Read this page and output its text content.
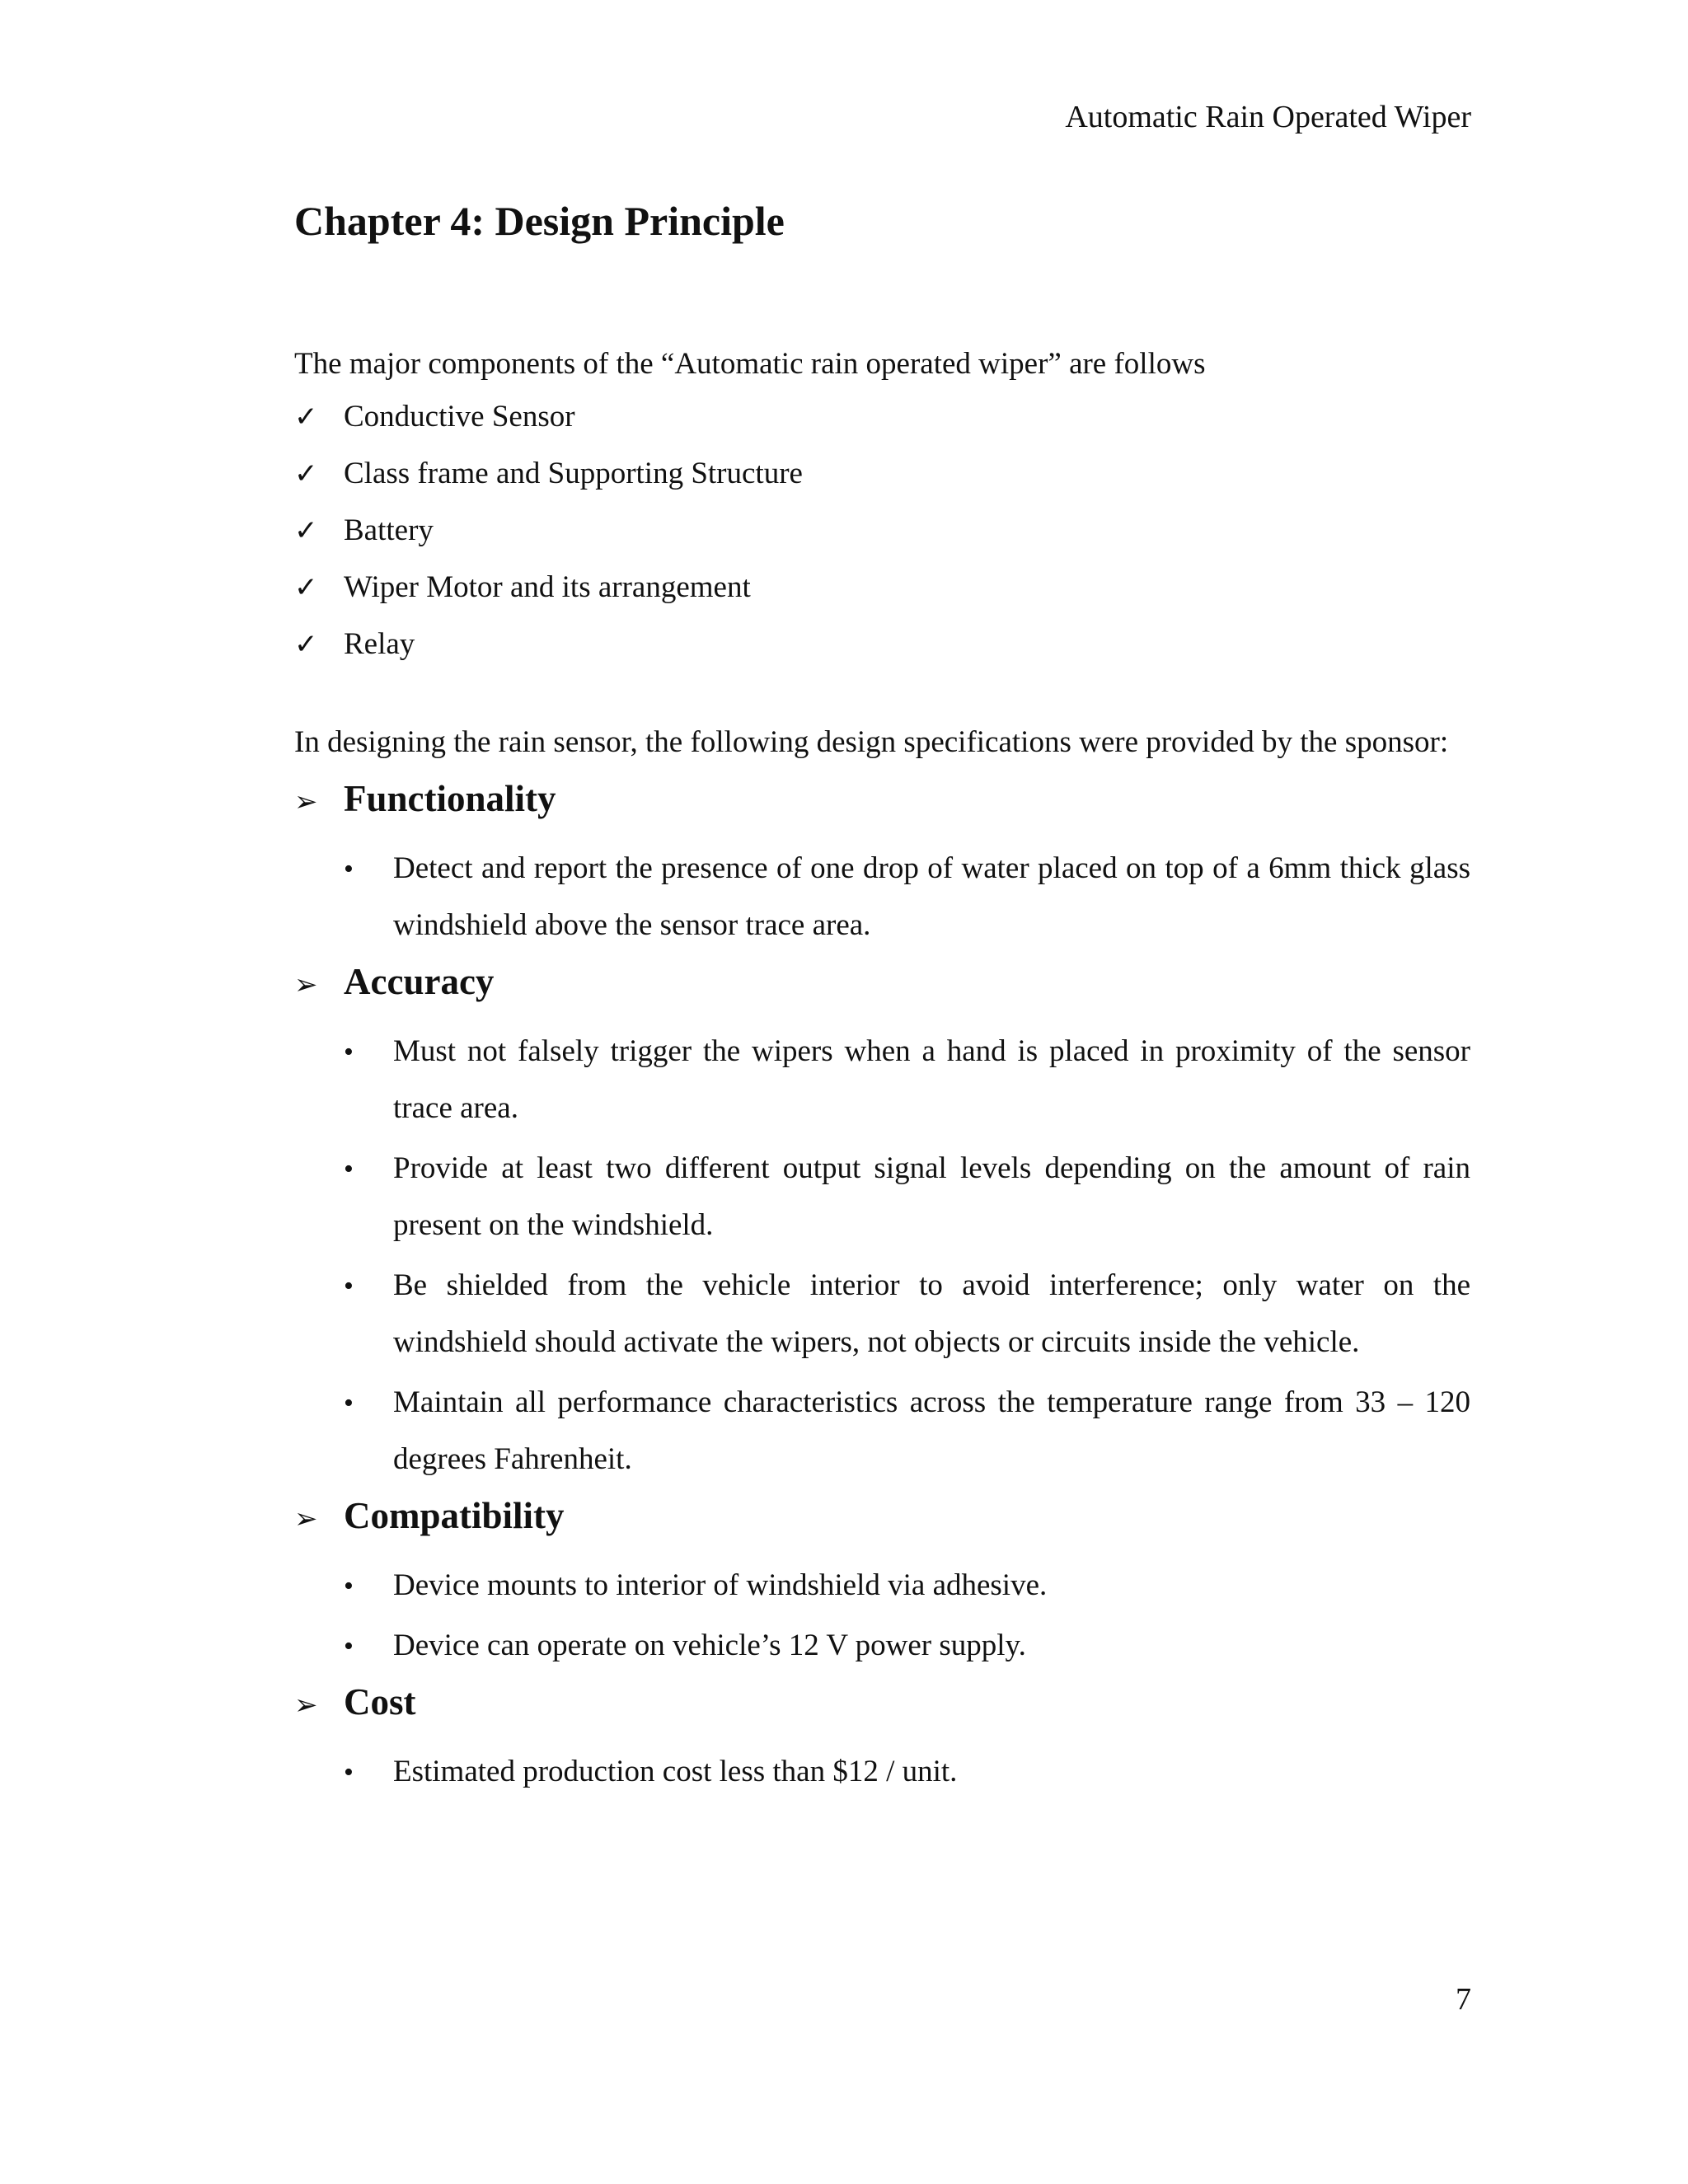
Automatic Rain Operated Wiper
Chapter 4: Design Principle

The major components of the “Automatic rain operated wiper” are follows

✓ Conductive Sensor
✓ Class frame and Supporting Structure
✓ Battery
✓ Wiper Motor and its arrangement
✓ Relay

In designing the rain sensor, the following design specifications were provided by the sponsor:

➢ Functionality
•	Detect and report the presence of one drop of water placed on top of a 6mm thick glass windshield above the sensor trace area.
➢ Accuracy
•	Must not falsely trigger the wipers when a hand is placed in proximity of the sensor trace area.
•	Provide at least two different output signal levels depending on the amount of rain present on the windshield.
•	Be shielded from the vehicle interior to avoid interference; only water on the windshield should activate the wipers, not objects or circuits inside the vehicle.
•	Maintain all performance characteristics across the temperature range from 33 – 120 degrees Fahrenheit.
➢ Compatibility
•	Device mounts to interior of windshield via adhesive.
•	Device can operate on vehicle’s 12 V power supply.
➢ Cost
•	Estimated production cost less than $12 / unit.
7
